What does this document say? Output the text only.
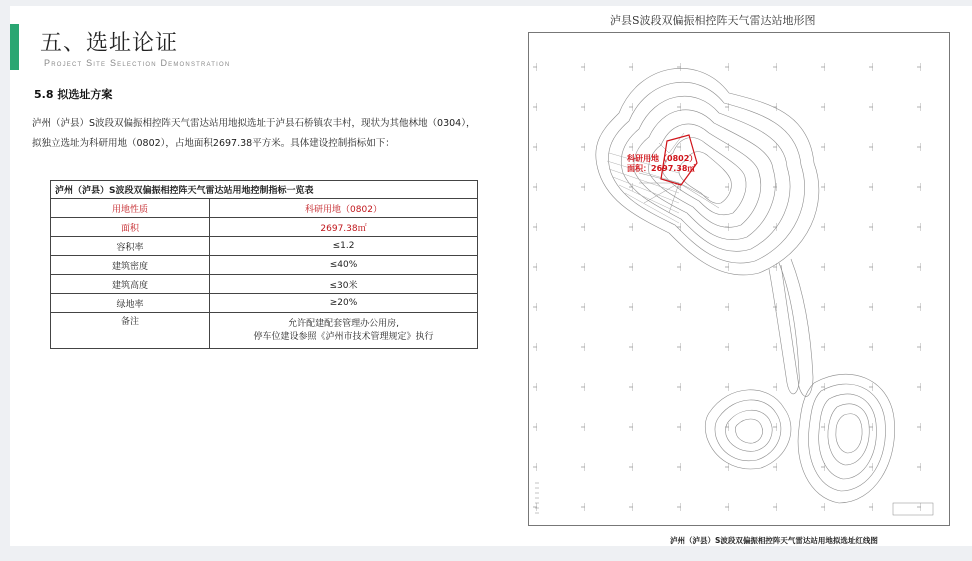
五、选址论证
Project Site Selection Demonstration
5.8 拟选址方案
泸州（泸县）S波段双偏振相控阵天气雷达站用地拟选址于泸县石桥镇农丰村，现状为其他林地（0304），拟独立选址为科研用地（0802），占地面积2697.38平方米。具体建设控制指标如下：
泸州（泸县）S波段双偏振相控阵天气雷达站用地控制指标一览表	
用地性质	科研用地（0802）
面积	2697.38㎡
容积率	≤1.2
建筑密度	≤40%
建筑高度	≤30米
绿地率	≥20%
备注	允许配建配套管理办公用房,
停车位建设参照《泸州市技术管理规定》执行
泸县S波段双偏振相控阵天气雷达站地形图
科研用地（0802）
面积：2697.38㎡
泸州（泸县）S波段双偏振相控阵天气雷达站用地拟选址红线图
